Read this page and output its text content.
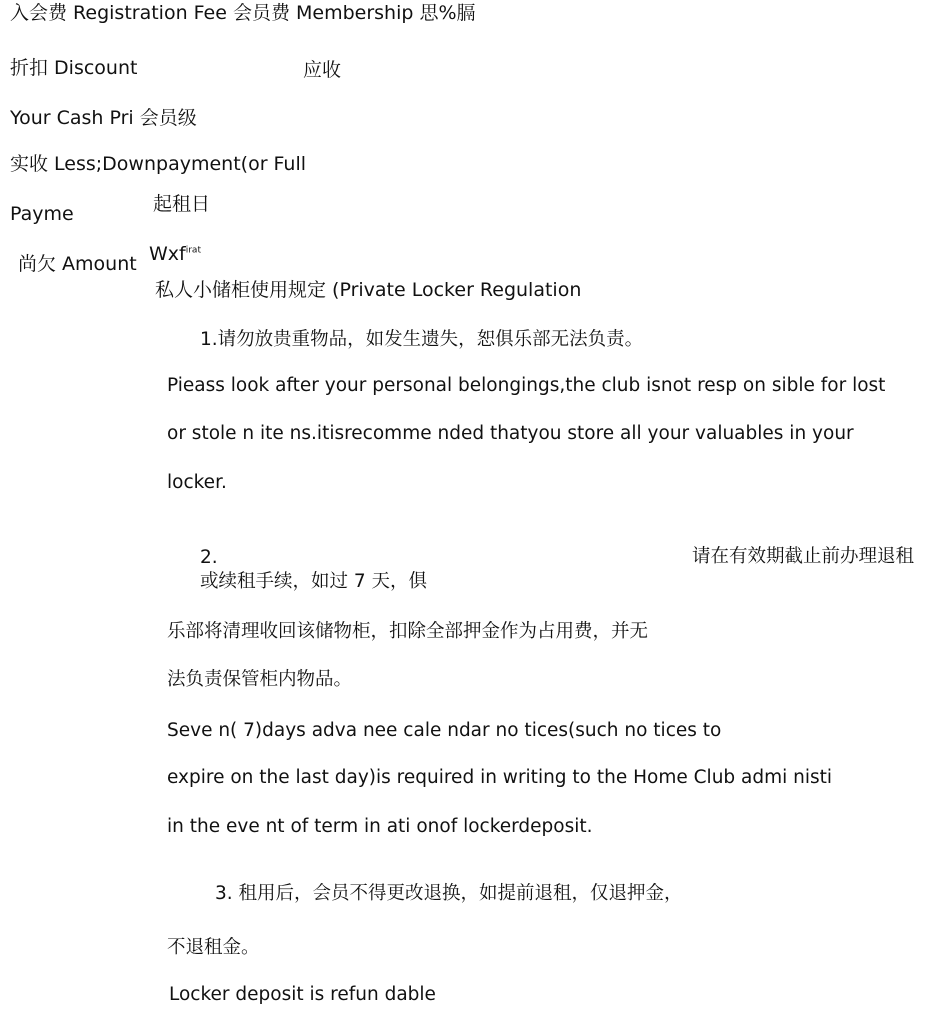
入会费 Registration Fee 会员费 Membership 思%膈
折扣 Discount	应收
Your Cash Pri 会员级
实收 Less;Downpayment(or Full
Payme	起租日
尚欠 Amount Wxf$^{irat}$
私人小储柜使用规定 (Private Locker Regulation
1.请勿放贵重物品，如发生遗失，恕俱乐部无法负责。
Pieass look after your personal belongings,the club isnot resp on sible for lost
or stole n ite ns.itisrecomme nded thatyou store all your valuables in your
locker.
2.	请在有效期截止前办理退租
或续租手续，如过 7 天，俱
乐部将清理收回该储物柜，扣除全部押金作为占用费，并无
法负责保管柜内物品。
Seve n( 7)days adva nee cale ndar no tices(such no tices to
expire on the last day)is required in writing to the Home Club admi nisti
in the eve nt of term in ati onof lockerdeposit.
3. 租用后，会员不得更改退换，如提前退租，仅退押金，
不退租金。
Locker deposit is refun dable
